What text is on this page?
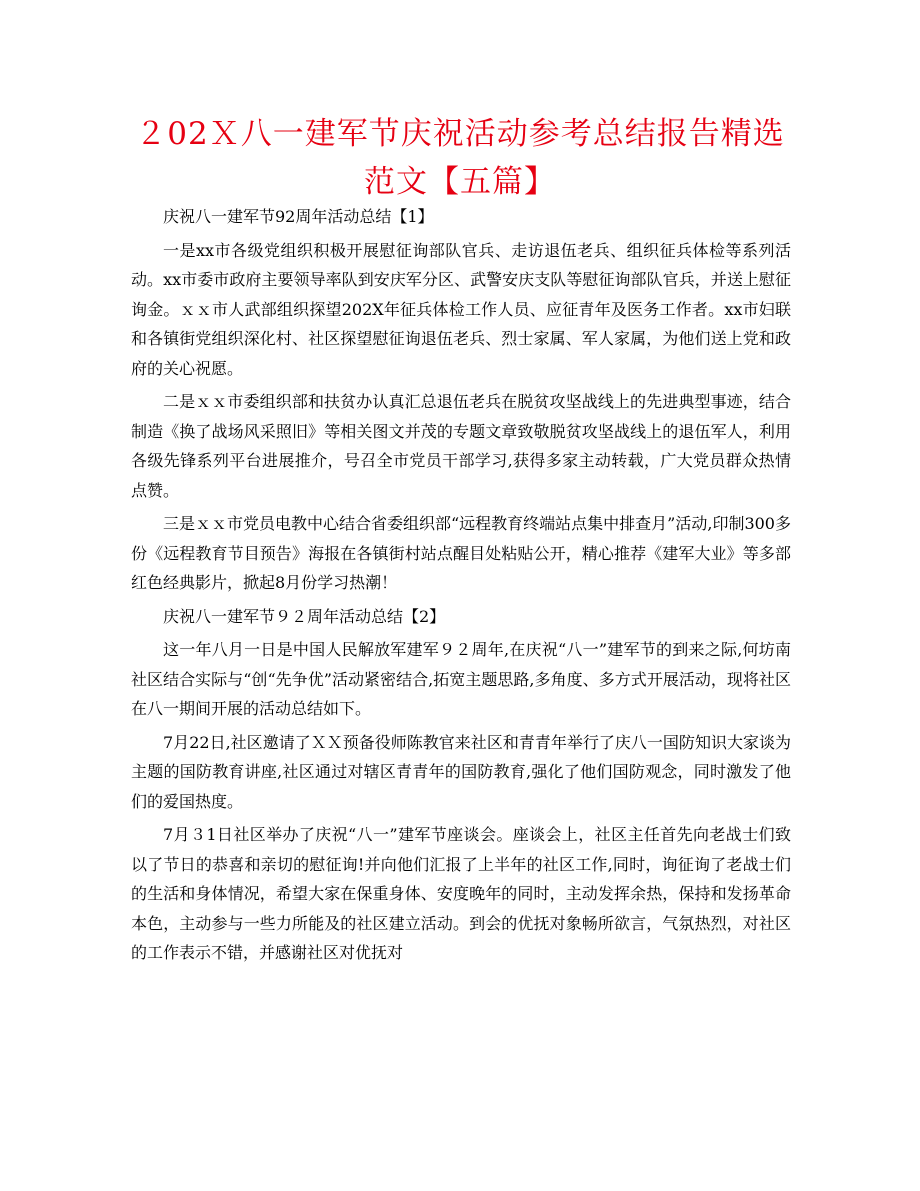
２02Ｘ八一建军节庆祝活动参考总结报告精选范文【五篇】

庆祝八一建军节92周年活动总结【1】

一是xx市各级党组织积极开展慰征询部队官兵、走访退伍老兵、组织征兵体检等系列活动。xx市委市政府主要领导率队到安庆军分区、武警安庆支队等慰征询部队官兵，并送上慰征询金。ｘｘ市人武部组织探望202X年征兵体检工作人员、应征青年及医务工作者。xx市妇联和各镇街党组织深化村、社区探望慰征询退伍老兵、烈士家属、军人家属，为他们送上党和政府的关心祝愿。

二是ｘｘ市委组织部和扶贫办认真汇总退伍老兵在脱贫攻坚战线上的先进典型事迹，结合制造《换了战场风采照旧》等相关图文并茂的专题文章致敬脱贫攻坚战线上的退伍军人，利用各级先锋系列平台进展推介，号召全市党员干部学习,获得多家主动转载，广大党员群众热情点赞。

三是ｘｘ市党员电教中心结合省委组织部“远程教育终端站点集中排查月”活动,印制300多份《远程教育节目预告》海报在各镇街村站点醒目处粘贴公开，精心推荐《建军大业》等多部红色经典影片，掀起8月份学习热潮！

庆祝八一建军节９２周年活动总结【2】

这一年八月一日是中国人民解放军建军９２周年,在庆祝“八一”建军节的到来之际,何坊南社区结合实际与“创“先争优”活动紧密结合,拓宽主题思路,多角度、多方式开展活动，现将社区在八一期间开展的活动总结如下。

7月22日,社区邀请了ＸＸ预备役师陈教官来社区和青青年举行了庆八一国防知识大家谈为主题的国防教育讲座,社区通过对辖区青青年的国防教育,强化了他们国防观念，同时激发了他们的爱国热度。

7月３1日社区举办了庆祝“八一”建军节座谈会。座谈会上，社区主任首先向老战士们致以了节日的恭喜和亲切的慰征询!并向他们汇报了上半年的社区工作,同时，询征询了老战士们的生活和身体情况，希望大家在保重身体、安度晚年的同时，主动发挥余热，保持和发扬革命本色，主动参与一些力所能及的社区建立活动。到会的优抚对象畅所欲言，气氛热烈，对社区的工作表示不错，并感谢社区对优抚对
